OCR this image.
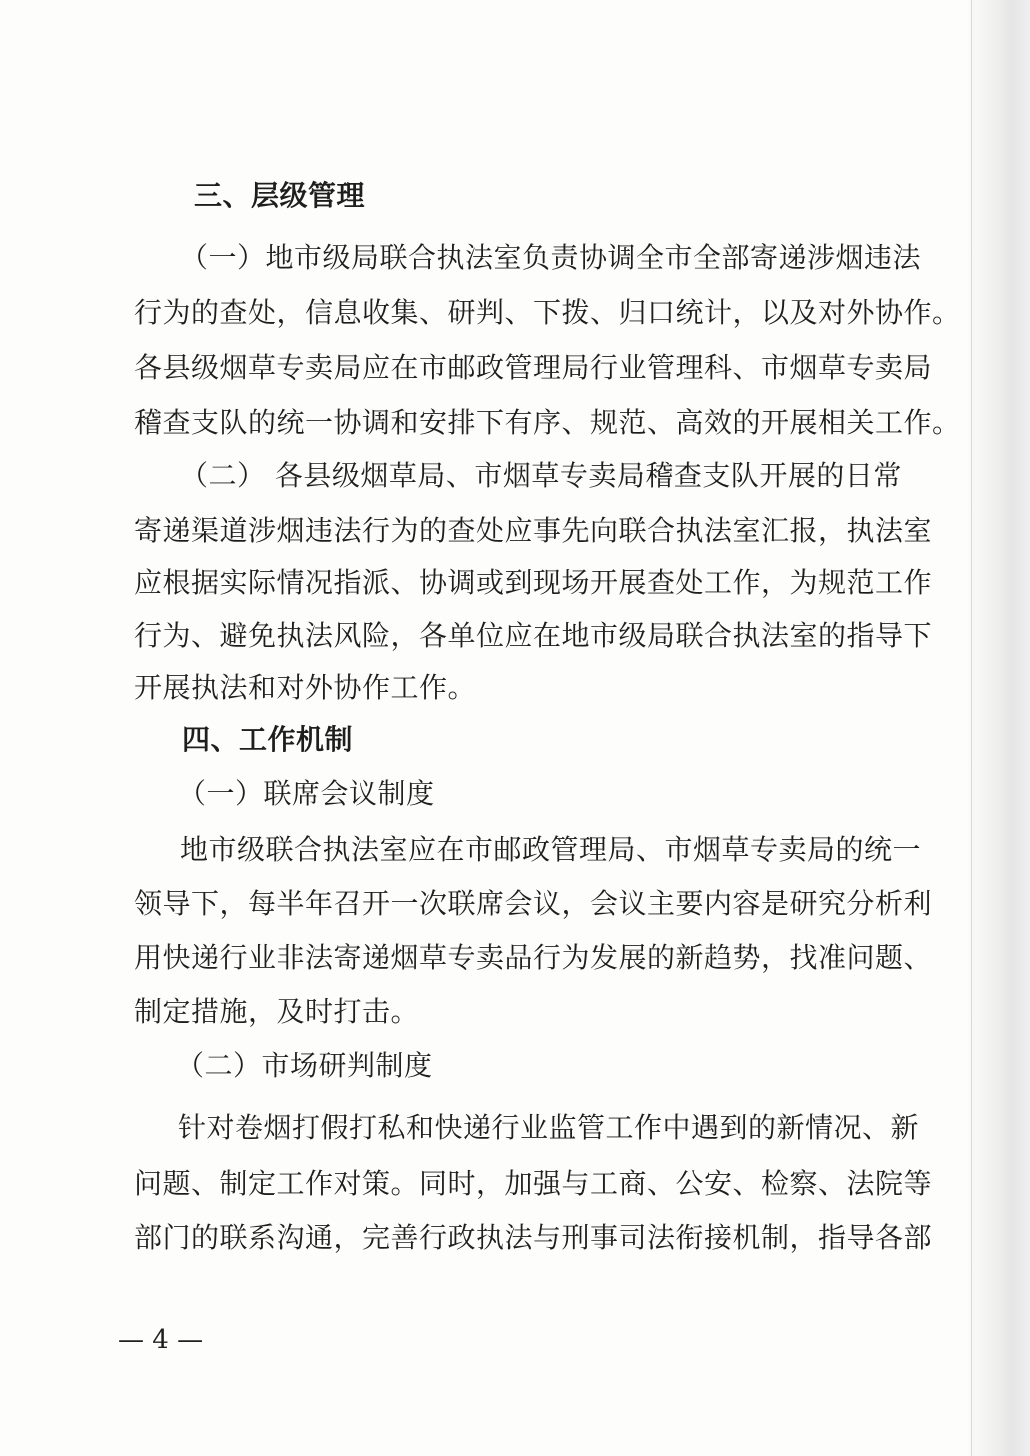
三、层级管理
（一）地市级局联合执法室负责协调全市全部寄递涉烟违法
行为的查处，信息收集、研判、下拨、归口统计，以及对外协作。
各县级烟草专卖局应在市邮政管理局行业管理科、市烟草专卖局
稽查支队的统一协调和安排下有序、规范、高效的开展相关工作。
（二） 各县级烟草局、市烟草专卖局稽查支队开展的日常
寄递渠道涉烟违法行为的查处应事先向联合执法室汇报，执法室
应根据实际情况指派、协调或到现场开展查处工作，为规范工作
行为、避免执法风险，各单位应在地市级局联合执法室的指导下
开展执法和对外协作工作。
四、工作机制
（一）联席会议制度
地市级联合执法室应在市邮政管理局、市烟草专卖局的统一
领导下，每半年召开一次联席会议，会议主要内容是研究分析利
用快递行业非法寄递烟草专卖品行为发展的新趋势，找准问题、
制定措施，及时打击。
（二）市场研判制度
针对卷烟打假打私和快递行业监管工作中遇到的新情况、新
问题、制定工作对策。同时，加强与工商、公安、检察、法院等
部门的联系沟通，完善行政执法与刑事司法衔接机制，指导各部
— 4 —
